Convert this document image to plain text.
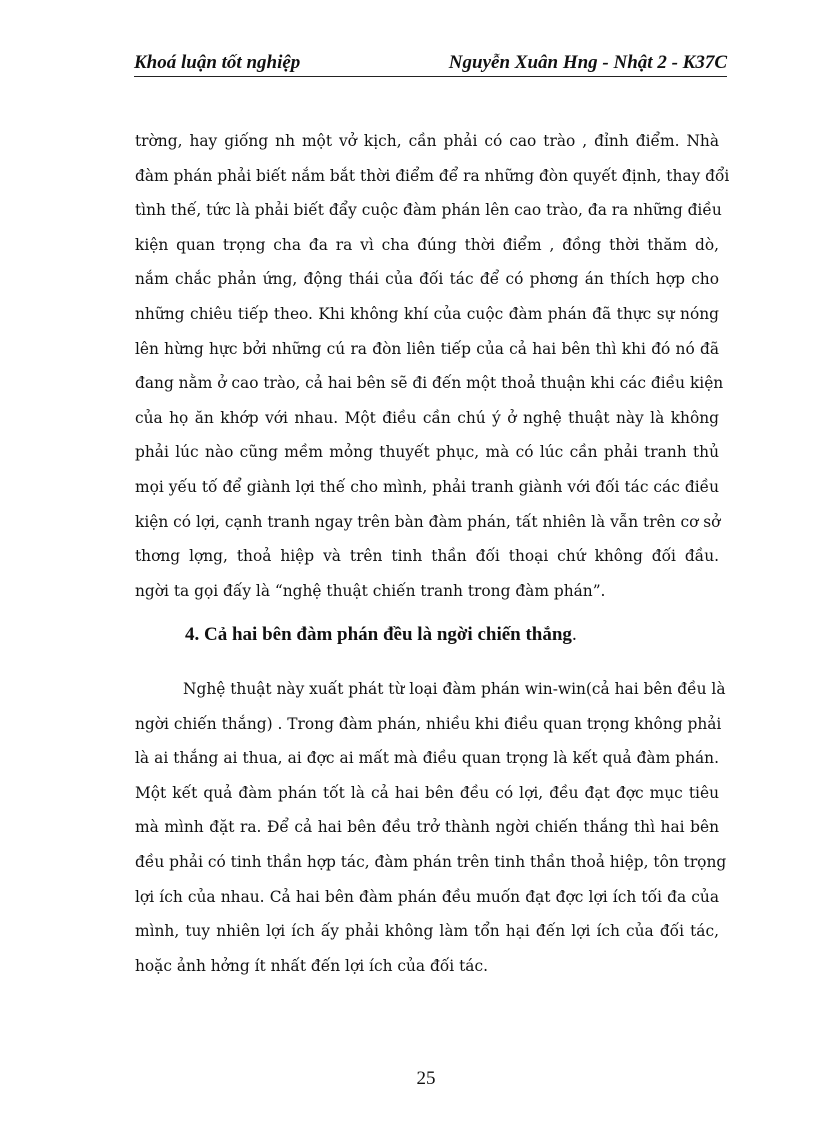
Khoá luận tốt nghiệp	Nguyễn Xuân Hng - Nhật 2 - K37C
trờng, hay giống nh một vở kịch, cần phải có cao trào , đỉnh điểm. Nhà
đàm phán phải biết nắm bắt thời điểm để ra những đòn quyết định, thay đổi
tình thế, tức là phải biết đẩy cuộc đàm phán lên cao trào, đa ra những điều
kiện quan trọng cha đa ra vì cha đúng thời điểm , đồng thời thăm dò,
nắm chắc phản ứng, động thái của đối tác để có phơng án thích hợp cho
những chiêu tiếp theo. Khi không khí của cuộc đàm phán đã thực sự nóng
lên hừng hực bởi những cú ra đòn liên tiếp của cả hai bên thì khi đó nó đã
đang nằm ở cao trào, cả hai bên sẽ đi đến một thoả thuận khi các điều kiện
của họ ăn khớp với nhau. Một điều cần chú ý ở nghệ thuật này là không
phải lúc nào cũng mềm mỏng thuyết phục, mà có lúc cần phải tranh thủ
mọi yếu tố để giành lợi thế cho mình, phải tranh giành với đối tác các điều
kiện có lợi, cạnh tranh ngay trên bàn đàm phán, tất nhiên là vẫn trên cơ sở
thơng lợng, thoả hiệp và trên tinh thần đối thoại chứ không đối đầu.
ngời ta gọi đấy là “nghệ thuật chiến tranh trong đàm phán”.
4. Cả hai bên đàm phán đều là ngời chiến thắng.
Nghệ thuật này xuất phát từ loại đàm phán win-win(cả hai bên đều là
ngời chiến thắng) . Trong đàm phán, nhiều khi điều quan trọng không phải
là ai thắng ai thua, ai đợc ai mất mà điều quan trọng là kết quả đàm phán.
Một kết quả đàm phán tốt là cả hai bên đều có lợi, đều đạt đợc mục tiêu
mà mình đặt ra. Để cả hai bên đều trở thành ngời chiến thắng thì hai bên
đều phải có tinh thần hợp tác, đàm phán trên tinh thần thoả hiệp, tôn trọng
lợi ích của nhau. Cả hai bên đàm phán đều muốn đạt đợc lợi ích tối đa của
mình, tuy nhiên lợi ích ấy phải không làm tổn hại đến lợi ích của đối tác,
hoặc ảnh hởng ít nhất đến lợi ích của đối tác.
25
